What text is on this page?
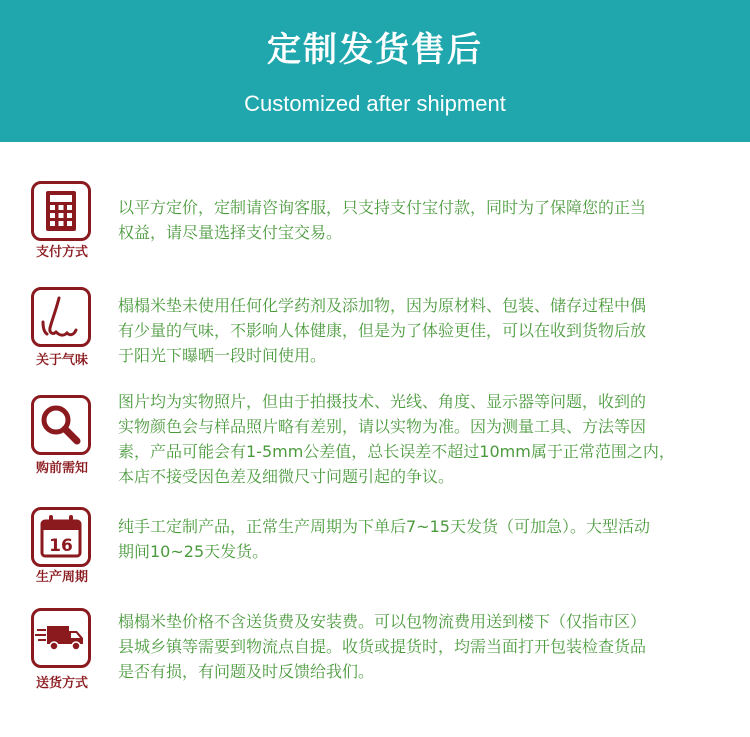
定制发货售后
Customized after shipment
支付方式
以平方定价，定制请咨询客服，只支持支付宝付款，同时为了保障您的正当
权益，请尽量选择支付宝交易。
关于气味
榻榻米垫未使用任何化学药剂及添加物，因为原材料、包装、储存过程中偶
有少量的气味，不影响人体健康，但是为了体验更佳，可以在收到货物后放
于阳光下曝晒一段时间使用。
购前需知
图片均为实物照片，但由于拍摄技术、光线、角度、显示器等问题，收到的
实物颜色会与样品照片略有差别，请以实物为准。因为测量工具、方法等因
素，产品可能会有1-5mm公差值，总长误差不超过10mm属于正常范围之内，
本店不接受因色差及细微尺寸问题引起的争议。
16
生产周期
纯手工定制产品，正常生产周期为下单后7~15天发货（可加急）。大型活动
期间10~25天发货。
送货方式
榻榻米垫价格不含送货费及安装费。可以包物流费用送到楼下（仅指市区）
县城乡镇等需要到物流点自提。收货或提货时，均需当面打开包装检查货品
是否有损，有问题及时反馈给我们。
